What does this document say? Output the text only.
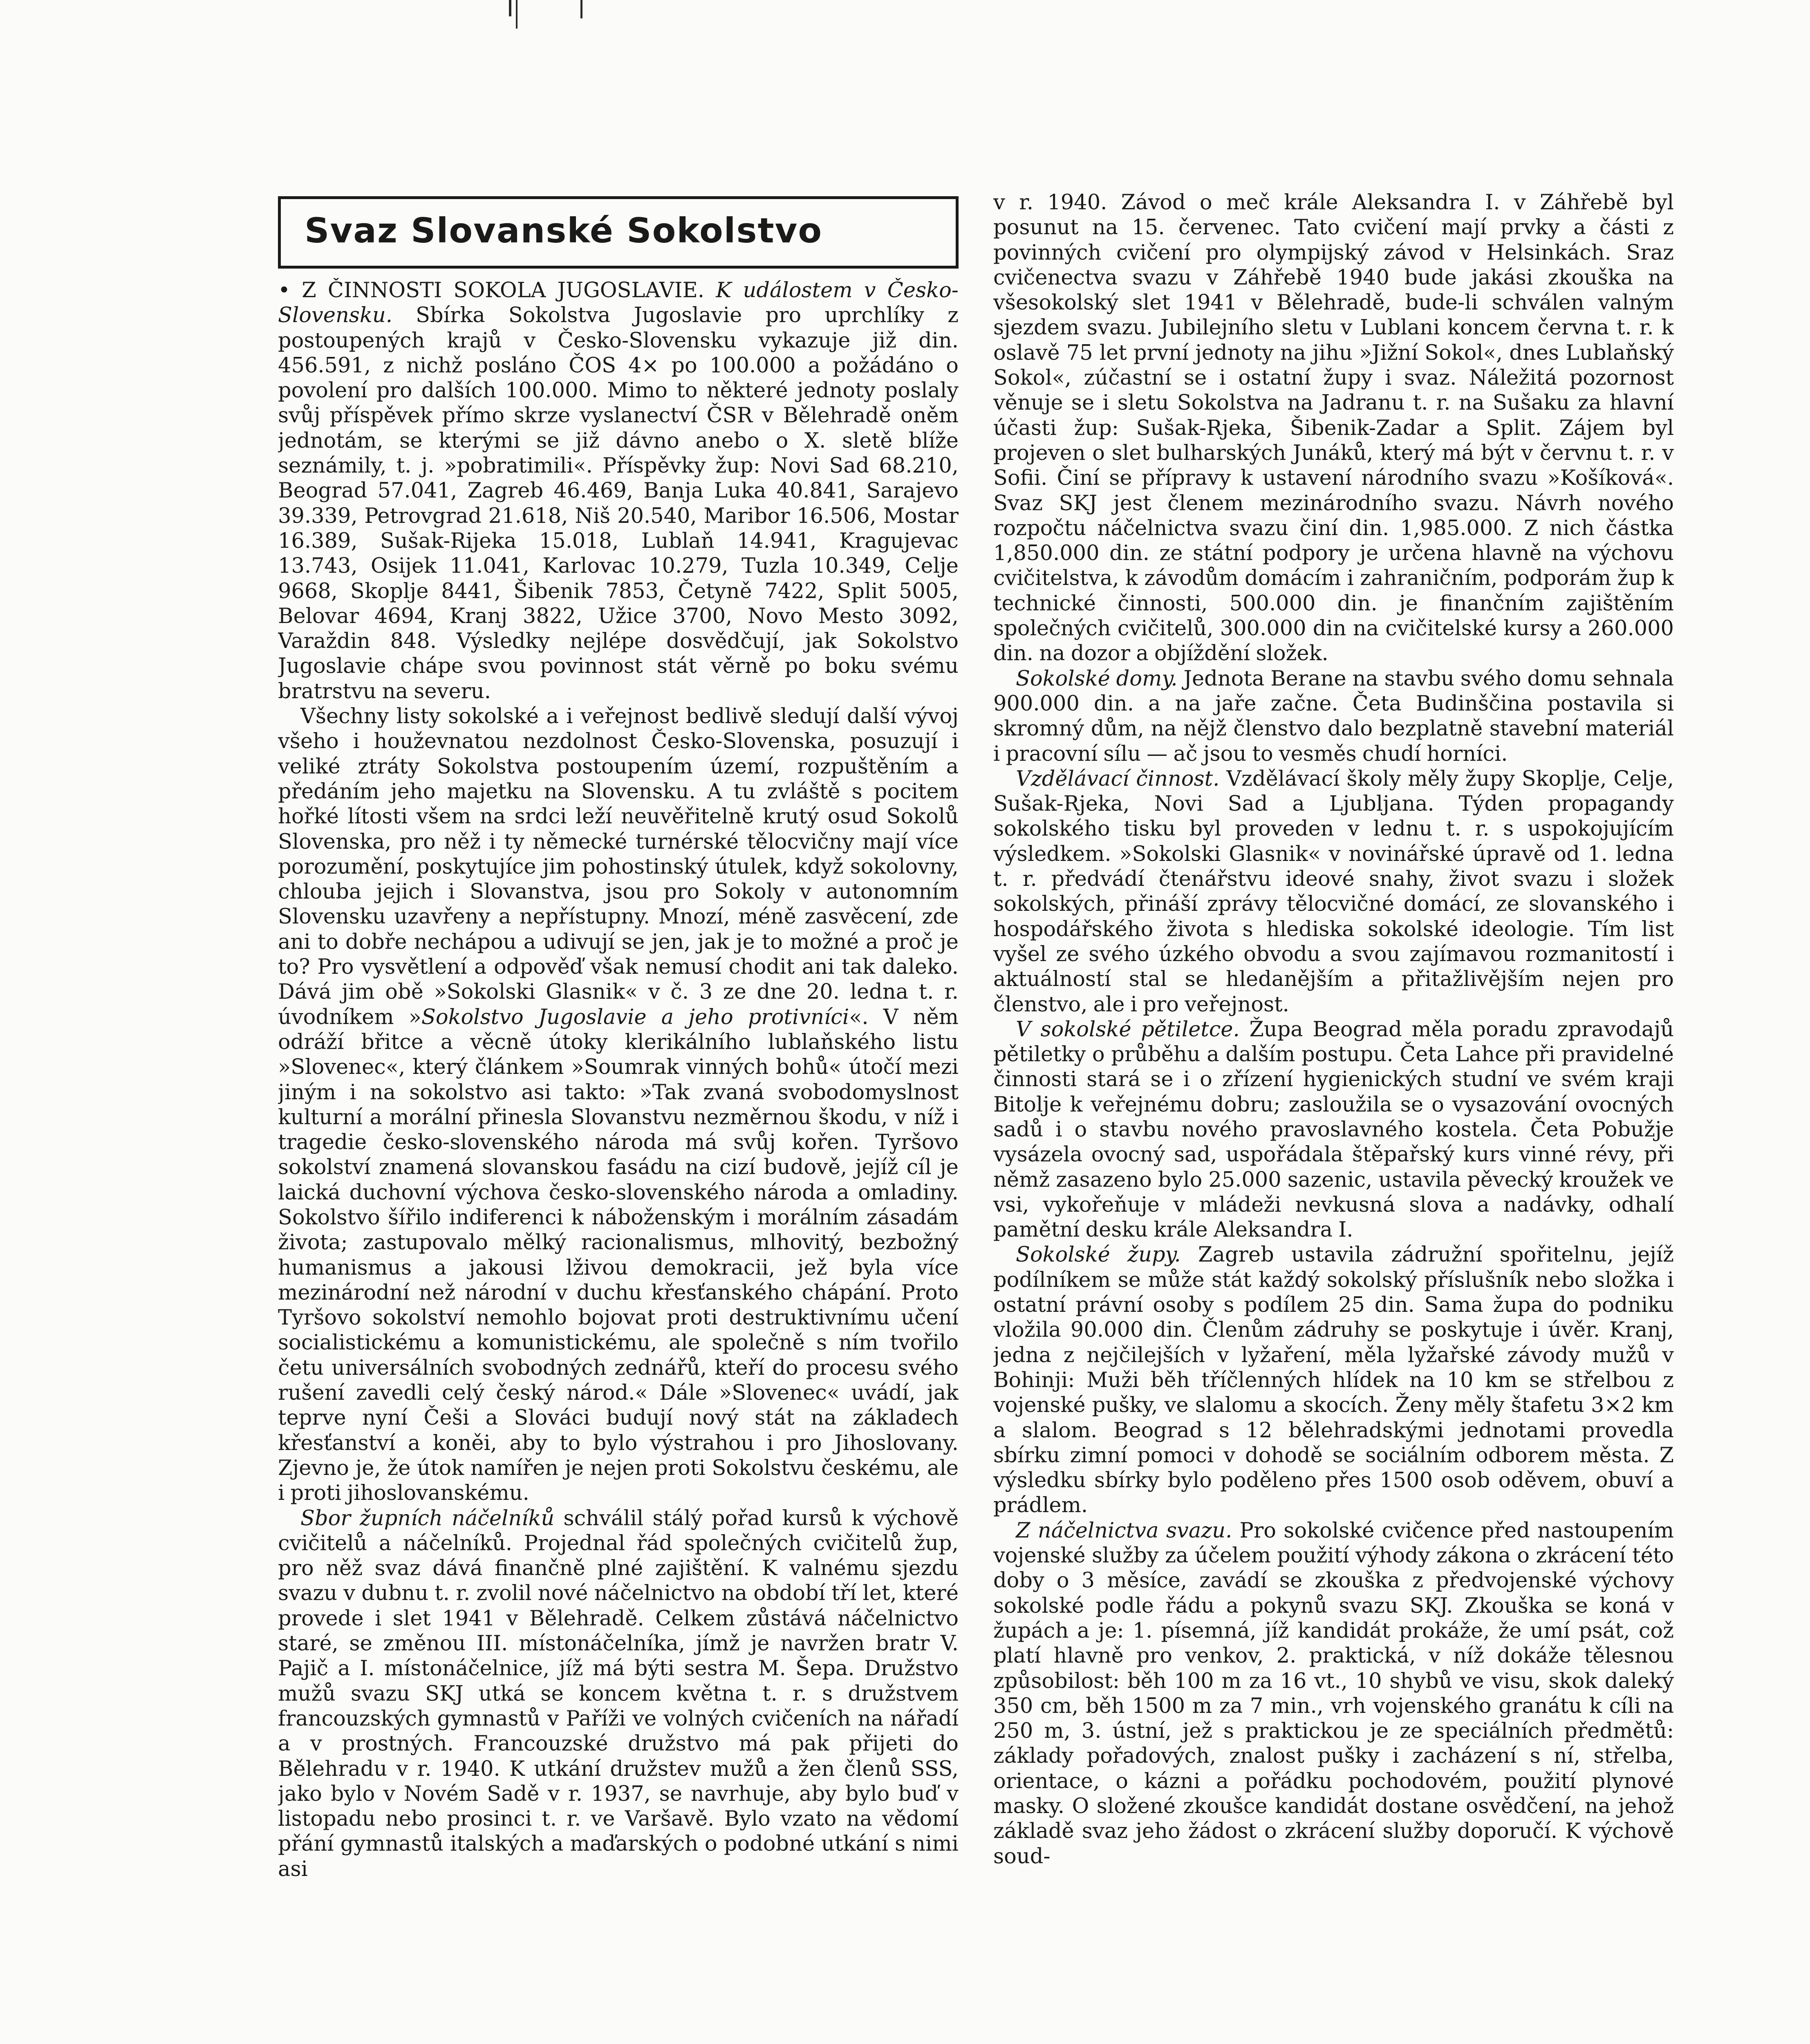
Svaz Slovanské Sokolstvo

• Z ČINNOSTI SOKOLA JUGOSLAVIE. K událostem v Česko-Slovensku. Sbírka Sokolstva Jugoslavie pro uprchlíky z postoupených krajů v Česko-Slovensku vykazuje již din. 456.591, z nichž posláno ČOS 4× po 100.000 a požádáno o povolení pro dalších 100.000. Mimo to některé jednoty poslaly svůj příspěvek přímo skrze vyslanectví ČSR v Bělehradě oněm jednotám, se kterými se již dávno anebo o X. sletě blíže seznámily, t. j. »pobratimili«. Příspěvky žup: Novi Sad 68.210, Beograd 57.041, Zagreb 46.469, Banja Luka 40.841, Sarajevo 39.339, Petrovgrad 21.618, Niš 20.540, Maribor 16.506, Mostar 16.389, Sušak-Rijeka 15.018, Lublaň 14.941, Kragujevac 13.743, Osijek 11.041, Karlovac 10.279, Tuzla 10.349, Celje 9668, Skoplje 8441, Šibenik 7853, Četyně 7422, Split 5005, Belovar 4694, Kranj 3822, Užice 3700, Novo Mesto 3092, Varaždin 848. Výsledky nejlépe dosvědčují, jak Sokolstvo Jugoslavie chápe svou povinnost stát věrně po boku svému bratrstvu na severu.

Všechny listy sokolské a i veřejnost bedlivě sledují další vývoj všeho i houževnatou nezdolnost Česko-Slovenska, posuzují i veliké ztráty Sokolstva postoupením území, rozpuštěním a předáním jeho majetku na Slovensku. A tu zvláště s pocitem hořké lítosti všem na srdci leží neuvěřitelně krutý osud Sokolů Slovenska, pro něž i ty německé turnérské tělocvičny mají více porozumění, poskytujíce jim pohostinský útulek, když sokolovny, chlouba jejich i Slovanstva, jsou pro Sokoly v autonomním Slovensku uzavřeny a nepřístupny. Mnozí, méně zasvěcení, zde ani to dobře nechápou a udivují se jen, jak je to možné a proč je to? Pro vysvětlení a odpověď však nemusí chodit ani tak daleko. Dává jim obě »Sokolski Glasnik« v č. 3 ze dne 20. ledna t. r. úvodníkem »Sokolstvo Jugoslavie a jeho protivníci«. V něm odráží břitce a věcně útoky klerikálního lublaňského listu »Slovenec«, který článkem »Soumrak vinných bohů« útočí mezi jiným i na sokolstvo asi takto: »Tak zvaná svobodomyslnost kulturní a morální přinesla Slovanstvu nezměrnou škodu, v níž i tragedie česko-slovenského národa má svůj kořen. Tyršovo sokolství znamená slovanskou fasádu na cizí budově, jejíž cíl je laická duchovní výchova česko-slovenského národa a omladiny. Sokolstvo šířilo indiferenci k náboženským i morálním zásadám života; zastupovalo mělký racionalismus, mlhovitý, bezbožný humanismus a jakousi lživou demokracii, jež byla více mezinárodní než národní v duchu křesťanského chápání. Proto Tyršovo sokolství nemohlo bojovat proti destruktivnímu učení socialistickému a komunistickému, ale společně s ním tvořilo četu universálních svobodných zednářů, kteří do procesu svého rušení zavedli celý český národ.« Dále »Slovenec« uvádí, jak teprve nyní Češi a Slováci budují nový stát na základech křesťanství a koněi, aby to bylo výstrahou i pro Jihoslovany. Zjevno je, že útok namířen je nejen proti Sokolstvu českému, ale i proti jihoslovanskému.

Sbor župních náčelníků schválil stálý pořad kursů k výchově cvičitelů a náčelníků. Projednal řád společných cvičitelů žup, pro něž svaz dává finančně plné zajištění. K valnému sjezdu svazu v dubnu t. r. zvolil nové náčelnictvo na období tří let, které provede i slet 1941 v Bělehradě. Celkem zůstává náčelnictvo staré, se změnou III. místonáčelníka, jímž je navržen bratr V. Pajič a I. místonáčelnice, jíž má býti sestra M. Šepa. Družstvo mužů svazu SKJ utká se koncem května t. r. s družstvem francouzských gymnastů v Paříži ve volných cvičeních na nářadí a v prostných. Francouzské družstvo má pak přijeti do Bělehradu v r. 1940. K utkání družstev mužů a žen členů SSS, jako bylo v Novém Sadě v r. 1937, se navrhuje, aby bylo buď v listopadu nebo prosinci t. r. ve Varšavě. Bylo vzato na vědomí přání gymnastů italských a maďarských o podobné utkání s nimi asi

v r. 1940. Závod o meč krále Aleksandra I. v Záhřebě byl posunut na 15. červenec. Tato cvičení mají prvky a části z povinných cvičení pro olympijský závod v Helsinkách. Sraz cvičenectva svazu v Záhřebě 1940 bude jakási zkouška na všesokolský slet 1941 v Bělehradě, bude-li schválen valným sjezdem svazu. Jubilejního sletu v Lublani koncem června t. r. k oslavě 75 let první jednoty na jihu »Jižní Sokol«, dnes Lublaňský Sokol«, zúčastní se i ostatní župy i svaz. Náležitá pozornost věnuje se i sletu Sokolstva na Jadranu t. r. na Sušaku za hlavní účasti žup: Sušak-Rjeka, Šibenik-Zadar a Split. Zájem byl projeven o slet bulharských Junáků, který má být v červnu t. r. v Sofii. Činí se přípravy k ustavení národního svazu »Košíková«. Svaz SKJ jest členem mezinárodního svazu. Návrh nového rozpočtu náčelnictva svazu činí din. 1,985.000. Z nich částka 1,850.000 din. ze státní podpory je určena hlavně na výchovu cvičitelstva, k závodům domácím i zahraničním, podporám žup k technické činnosti, 500.000 din. je finančním zajištěním společných cvičitelů, 300.000 din na cvičitelské kursy a 260.000 din. na dozor a objíždění složek.

Sokolské domy. Jednota Berane na stavbu svého domu sehnala 900.000 din. a na jaře začne. Četa Budinščina postavila si skromný dům, na nějž členstvo dalo bezplatně stavební materiál i pracovní sílu — ač jsou to vesměs chudí horníci.

Vzdělávací činnost. Vzdělávací školy měly župy Skoplje, Celje, Sušak-Rjeka, Novi Sad a Ljubljana. Týden propagandy sokolského tisku byl proveden v lednu t. r. s uspokojujícím výsledkem. »Sokolski Glasnik« v novinářské úpravě od 1. ledna t. r. předvádí čtenářstvu ideové snahy, život svazu i složek sokolských, přináší zprávy tělocvičné domácí, ze slovanského i hospodářského života s hlediska sokolské ideologie. Tím list vyšel ze svého úzkého obvodu a svou zajímavou rozmanitostí i aktuálností stal se hledanějším a přitažlivějším nejen pro členstvo, ale i pro veřejnost.

V sokolské pětiletce. Župa Beograd měla poradu zpravodajů pětiletky o průběhu a dalším postupu. Četa Lahce při pravidelné činnosti stará se i o zřízení hygienických studní ve svém kraji Bitolje k veřejnému dobru; zasloužila se o vysazování ovocných sadů i o stavbu nového pravoslavného kostela. Četa Pobužje vysázela ovocný sad, uspořádala štěpařský kurs vinné révy, při němž zasazeno bylo 25.000 sazenic, ustavila pěvecký kroužek ve vsi, vykořeňuje v mládeži nevkusná slova a nadávky, odhalí pamětní desku krále Aleksandra I.

Sokolské župy. Zagreb ustavila zádružní spořitelnu, jejíž podílníkem se může stát každý sokolský příslušník nebo složka i ostatní právní osoby s podílem 25 din. Sama župa do podniku vložila 90.000 din. Členům zádruhy se poskytuje i úvěr. Kranj, jedna z nejčilejších v lyžaření, měla lyžařské závody mužů v Bohinji: Muži běh tříčlenných hlídek na 10 km se střelbou z vojenské pušky, ve slalomu a skocích. Ženy měly štafetu 3×2 km a slalom. Beograd s 12 bělehradskými jednotami provedla sbírku zimní pomoci v dohodě se sociálním odborem města. Z výsledku sbírky bylo poděleno přes 1500 osob oděvem, obuví a prádlem.

Z náčelnictva svazu. Pro sokolské cvičence před nastoupením vojenské služby za účelem použití výhody zákona o zkrácení této doby o 3 měsíce, zavádí se zkouška z předvojenské výchovy sokolské podle řádu a pokynů svazu SKJ. Zkouška se koná v župách a je: 1. písemná, jíž kandidát prokáže, že umí psát, což platí hlavně pro venkov, 2. praktická, v níž dokáže tělesnou způsobilost: běh 100 m za 16 vt., 10 shybů ve visu, skok daleký 350 cm, běh 1500 m za 7 min., vrh vojenského granátu k cíli na 250 m, 3. ústní, jež s praktickou je ze speciálních předmětů: základy pořadových, znalost pušky i zacházení s ní, střelba, orientace, o kázni a pořádku pochodovém, použití plynové masky. O složené zkoušce kandidát dostane osvědčení, na jehož základě svaz jeho žádost o zkrácení služby doporučí. K výchově soud-
